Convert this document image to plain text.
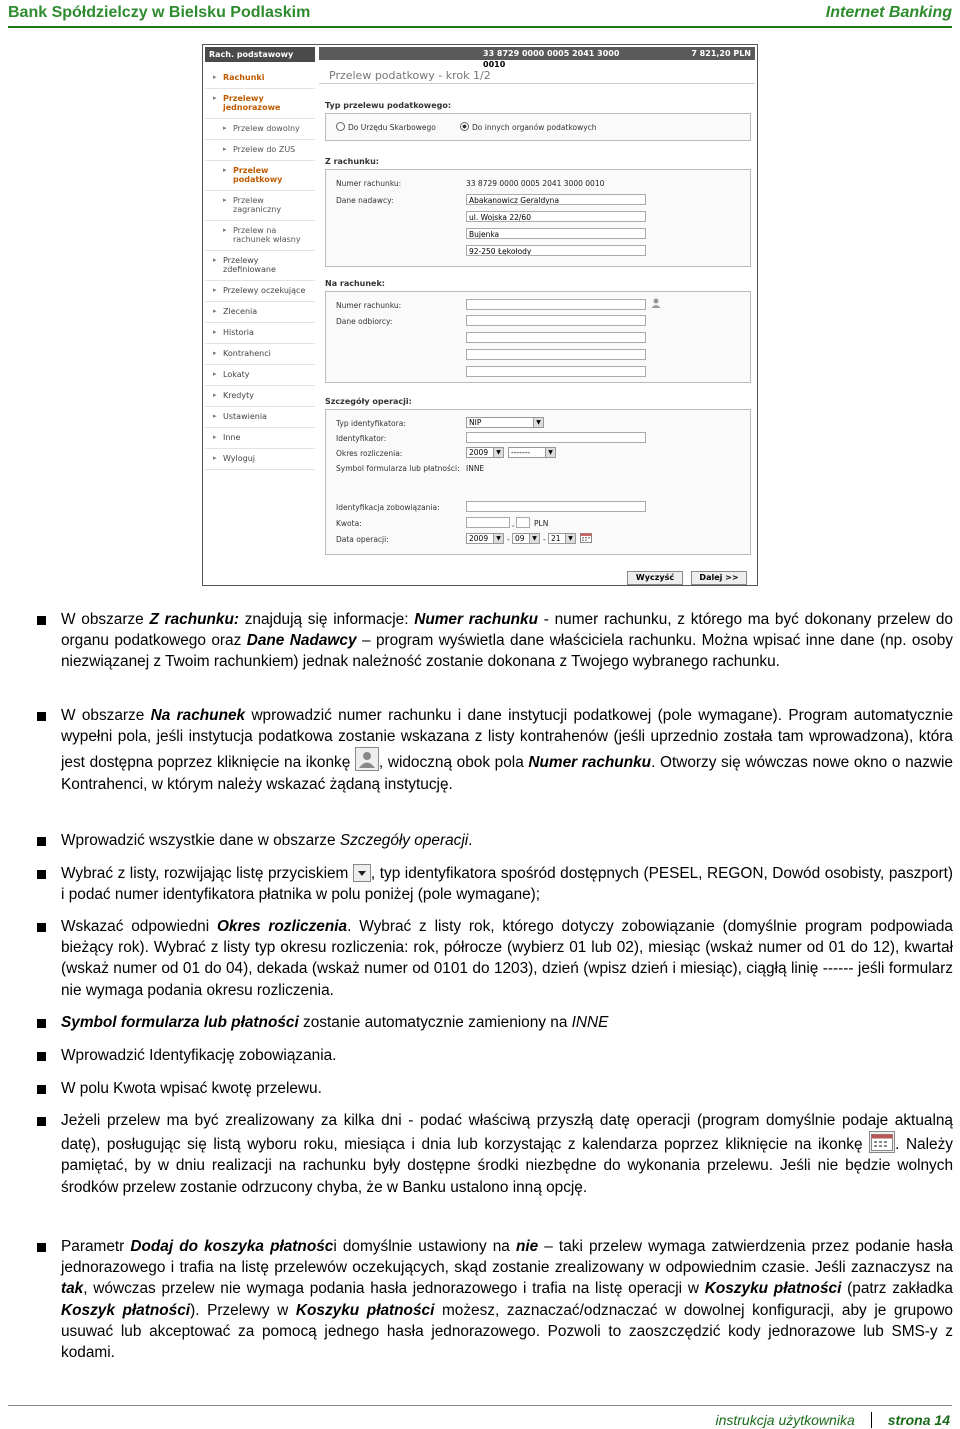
Bank Spółdzielczy w Bielsku Podlaskim	Internet Banking
Rach. podstawowy
▸ Rachunki
▸ Przelewy jednorazowe
▸ Przelew dowolny
▸ Przelew do ZUS
▸ Przelew podatkowy
▸ Przelew zagraniczny
▸ Przelew na rachunek własny
▸ Przelewy zdefiniowane
▸ Przelewy oczekujące
▸ Zlecenia
▸ Historia
▸ Kontrahenci
▸ Lokaty
▸ Kredyty
▸ Ustawienia
▸ Inne
▸ Wyloguj
33 8729 0000 0005 2041 3000	7 821,20 PLN
0010
Przelew podatkowy - krok 1/2
Typ przelewu podatkowego:
Do Urzędu Skarbowego	Do innych organów podatkowych
Z rachunku:
Numer rachunku:	33 8729 0000 0005 2041 3000 0010
Dane nadawcy:	Abakanowicz Geraldyna
ul. Wojska 22/60
Bujenka
92-250 Łękołody
Na rachunek:
Numer rachunku:
Dane odbiorcy:
Szczegóły operacji:
Typ identyfikatora:	NIP	▼
Identyfikator:
Okres rozliczenia:	2009	▼	-------	▼
Symbol formularza lub płatności: INNE
Identyfikacja zobowiązania:
Kwota:	,	PLN
Data operacji:	2009	▼ - 09	▼ - 21	▼
Wyczyść	Dalej >>
W obszarze Z rachunku: znajdują się informacje: Numer rachunku - numer rachunku, z którego ma być dokonany przelew do organu podatkowego oraz Dane Nadawcy – program wyświetla dane właściciela rachunku. Można wpisać inne dane (np. osoby niezwiązanej z Twoim rachunkiem) jednak należność zostanie dokonana z Twojego wybranego rachunku.
W obszarze Na rachunek wprowadzić numer rachunku i dane instytucji podatkowej (pole wymagane). Program automatycznie wypełni pola, jeśli instytucja podatkowa zostanie wskazana z listy kontrahenów (jeśli uprzednio została tam wprowadzona), która jest dostępna poprzez kliknięcie na ikonkę , widoczną obok pola Numer rachunku. Otworzy się wówczas nowe okno o nazwie Kontrahenci, w którym należy wskazać żądaną instytucję.
Wprowadzić wszystkie dane w obszarze Szczegóły operacji.
Wybrać z listy, rozwijając listę przyciskiem , typ identyfikatora spośród dostępnych (PESEL, REGON, Dowód osobisty, paszport) i podać numer identyfikatora płatnika w polu poniżej (pole wymagane);
Wskazać odpowiedni Okres rozliczenia. Wybrać z listy rok, którego dotyczy zobowiązanie (domyślnie program podpowiada bieżący rok). Wybrać z listy typ okresu rozliczenia: rok, półrocze (wybierz 01 lub 02), miesiąc (wskaż numer od 01 do 12), kwartał (wskaż numer od 01 do 04), dekada (wskaż numer od 0101 do 1203), dzień (wpisz dzień i miesiąc), ciągłą linię ------ jeśli formularz nie wymaga podania okresu rozliczenia.
Symbol formularza lub płatności zostanie automatycznie zamieniony na INNE
Wprowadzić Identyfikację zobowiązania.
W polu Kwota wpisać kwotę przelewu.
Jeżeli przelew ma być zrealizowany za kilka dni - podać właściwą przyszłą datę operacji (program domyślnie podaje aktualną datę), posługując się listą wyboru roku, miesiąca i dnia lub korzystając z kalendarza poprzez kliknięcie na ikonkę . Należy pamiętać, by w dniu realizacji na rachunku były dostępne środki niezbędne do wykonania przelewu. Jeśli nie będzie wolnych środków przelew zostanie odrzucony chyba, że w Banku ustalono inną opcję.
Parametr Dodaj do koszyka płatności domyślnie ustawiony na nie – taki przelew wymaga zatwierdzenia przez podanie hasła jednorazowego i trafia na listę przelewów oczekujących, skąd zostanie zrealizowany w odpowiednim czasie. Jeśli zaznaczysz na tak, wówczas przelew nie wymaga podania hasła jednorazowego i trafia na listę operacji w Koszyku płatności (patrz zakładka Koszyk płatności). Przelewy w Koszyku płatności możesz, zaznaczać/odznaczać w dowolnej konfiguracji, aby je grupowo usuwać lub akceptować za pomocą jednego hasła jednorazowego. Pozwoli to zaoszczędzić kody jednorazowe lub SMS-y z kodami.
instrukcja użytkownika strona 14
